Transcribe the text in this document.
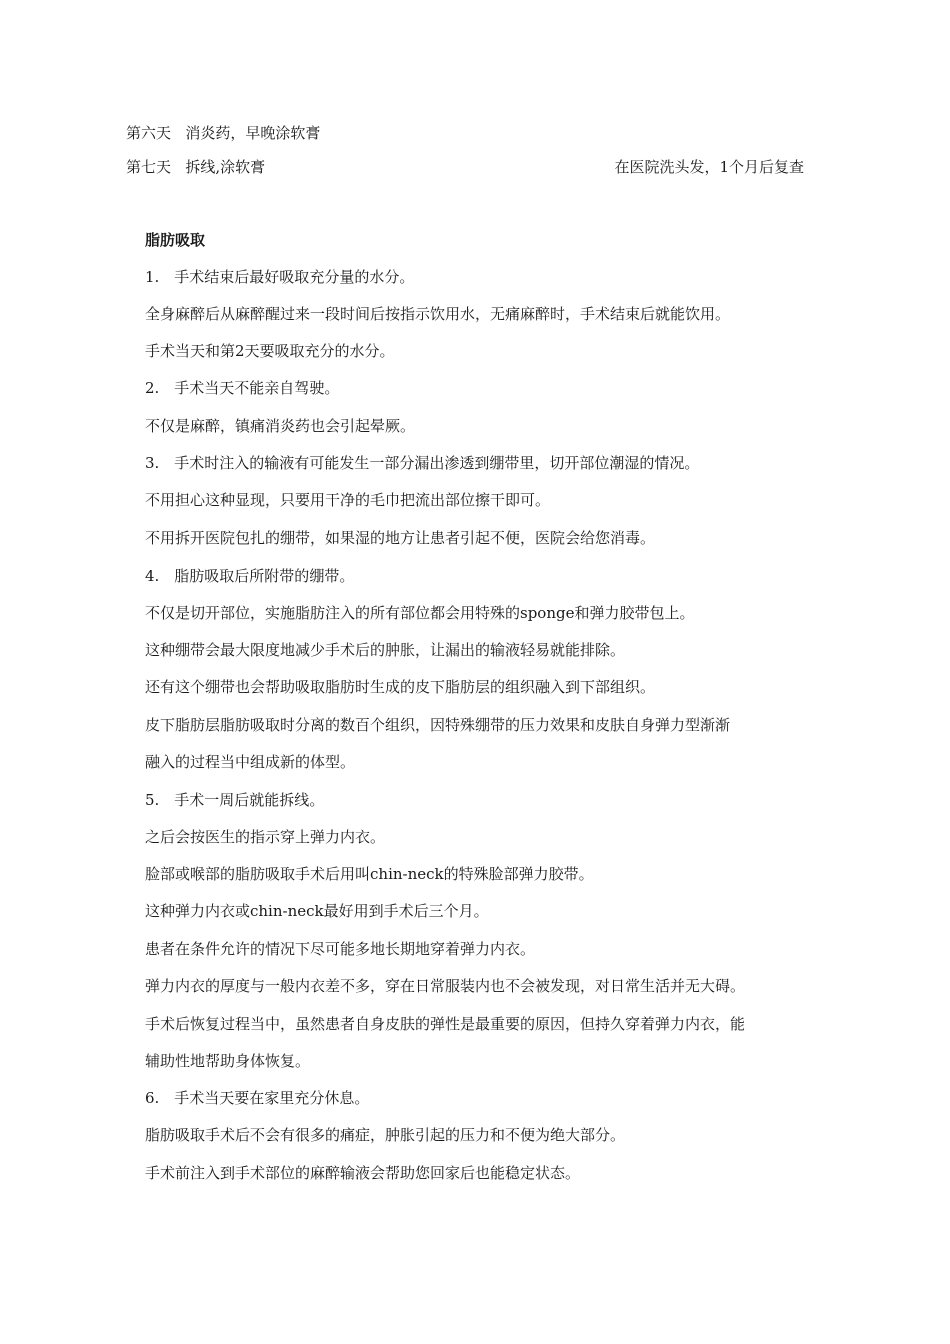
第六天 消炎药，早晚涂软膏
第七天 拆线,涂软膏	在医院洗头发，1个月后复查
脂肪吸取
1.　手术结束后最好吸取充分量的水分。
全身麻醉后从麻醉醒过来一段时间后按指示饮用水，无痛麻醉时，手术结束后就能饮用。
手术当天和第2天要吸取充分的水分。
2.　手术当天不能亲自驾驶。
不仅是麻醉，镇痛消炎药也会引起晕厥。
3.　手术时注入的输液有可能发生一部分漏出渗透到绷带里，切开部位潮湿的情况。
不用担心这种显现，只要用干净的毛巾把流出部位擦干即可。
不用拆开医院包扎的绷带，如果湿的地方让患者引起不便，医院会给您消毒。
4.　脂肪吸取后所附带的绷带。
不仅是切开部位，实施脂肪注入的所有部位都会用特殊的sponge和弹力胶带包上。
这种绷带会最大限度地减少手术后的肿胀，让漏出的输液轻易就能排除。
还有这个绷带也会帮助吸取脂肪时生成的皮下脂肪层的组织融入到下部组织。
皮下脂肪层脂肪吸取时分离的数百个组织，因特殊绷带的压力效果和皮肤自身弹力型渐渐
融入的过程当中组成新的体型。
5.　手术一周后就能拆线。
之后会按医生的指示穿上弹力内衣。
脸部或喉部的脂肪吸取手术后用叫chin-neck的特殊脸部弹力胶带。
这种弹力内衣或chin-neck最好用到手术后三个月。
患者在条件允许的情况下尽可能多地长期地穿着弹力内衣。
弹力内衣的厚度与一般内衣差不多，穿在日常服装内也不会被发现，对日常生活并无大碍。
手术后恢复过程当中，虽然患者自身皮肤的弹性是最重要的原因，但持久穿着弹力内衣，能
辅助性地帮助身体恢复。
6.　手术当天要在家里充分休息。
脂肪吸取手术后不会有很多的痛症，肿胀引起的压力和不便为绝大部分。
手术前注入到手术部位的麻醉输液会帮助您回家后也能稳定状态。
